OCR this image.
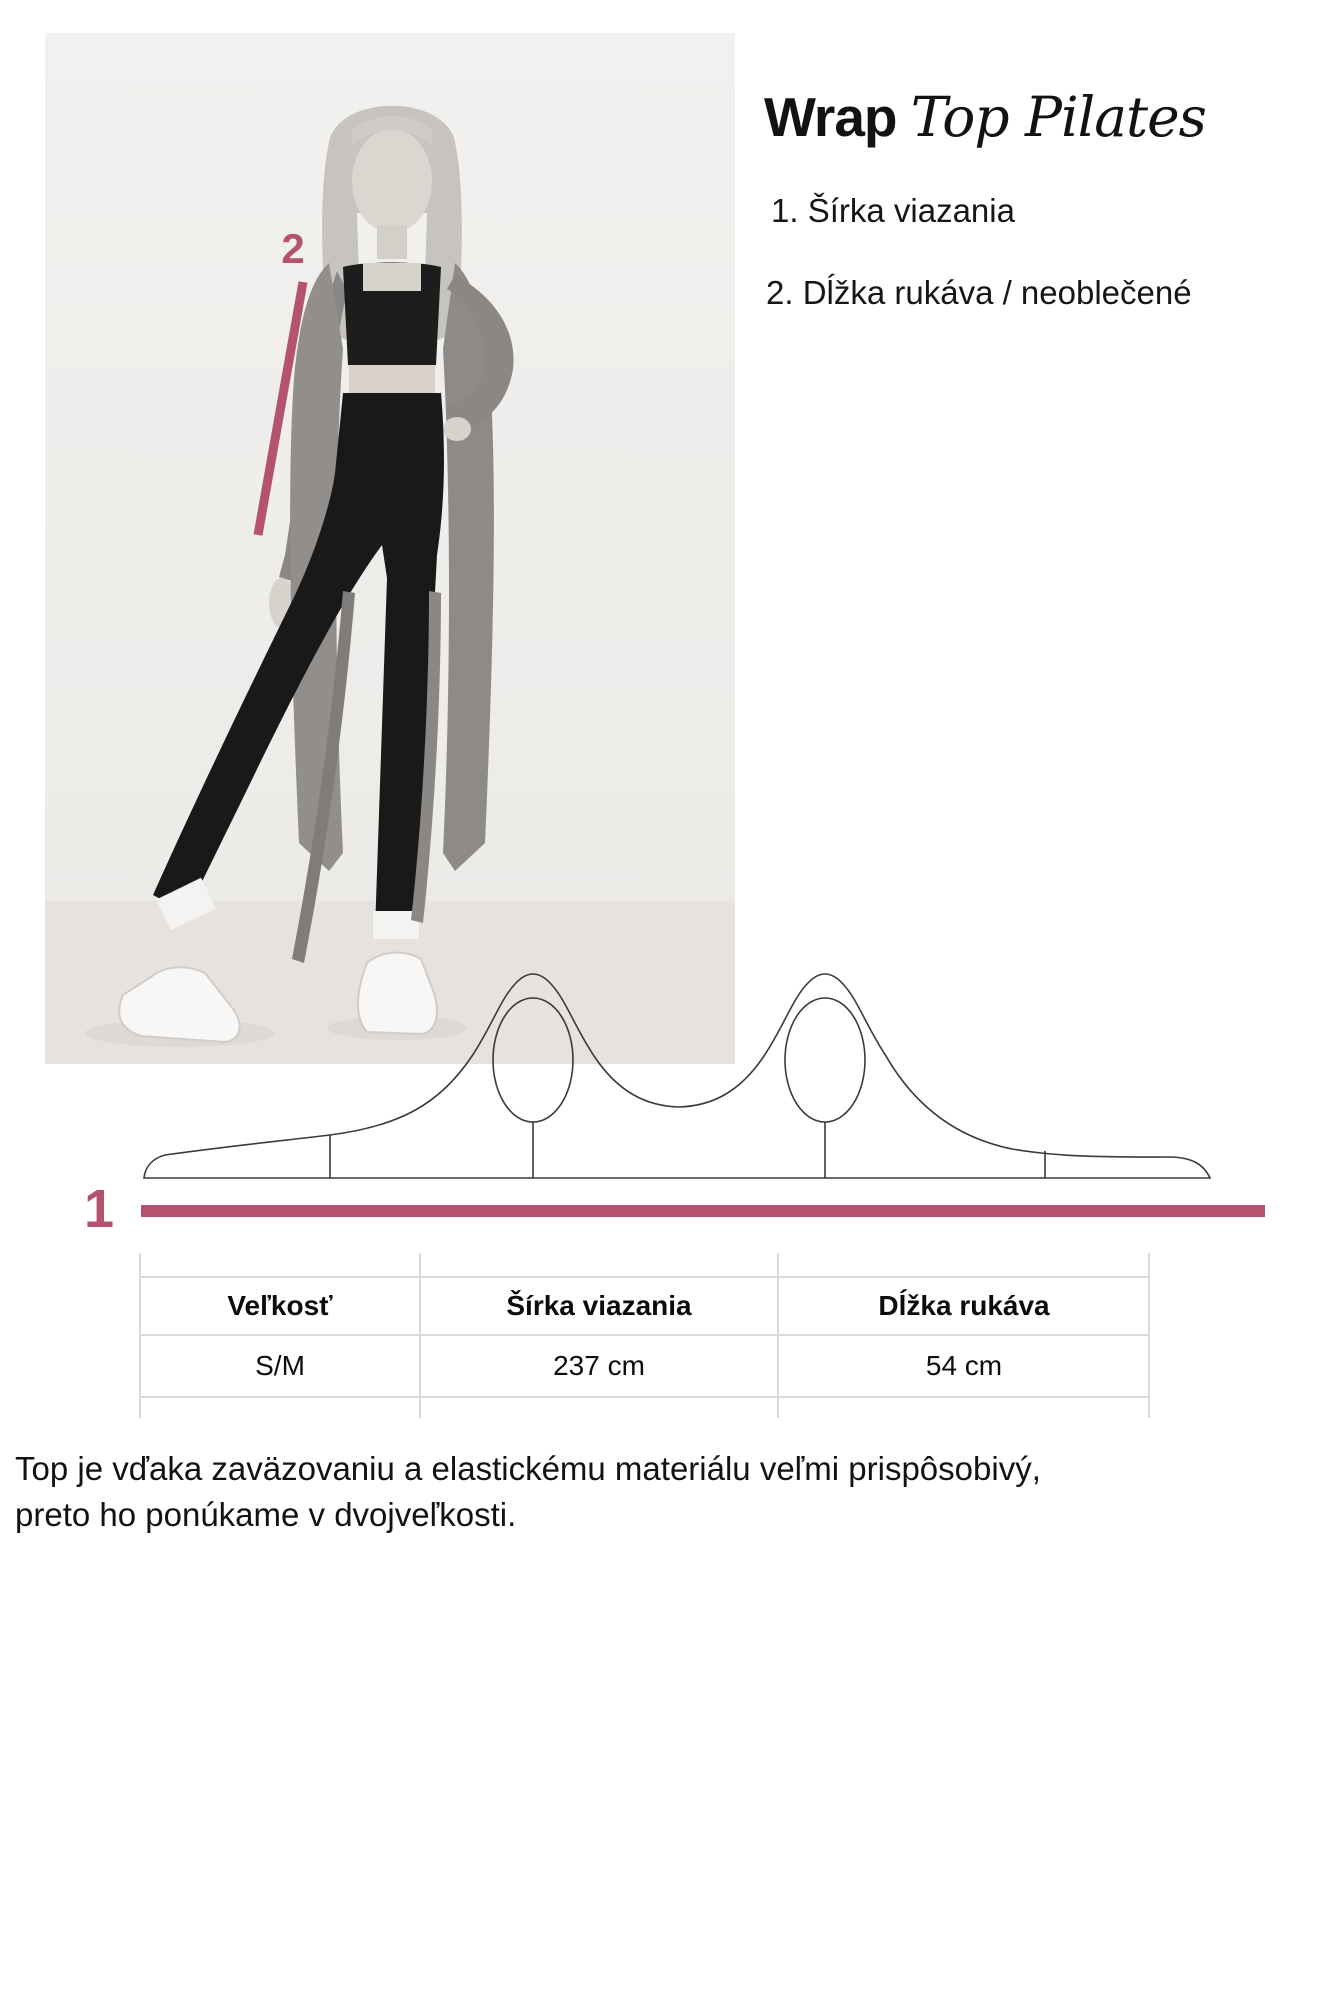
2
Wrap Top Pilates
1. Šírka viazania
2. Dĺžka rukáva / neoblečené
1
Veľkosť	Šírka viazania	Dĺžka rukáva
S/M	237 cm	54 cm
Top je vďaka zaväzovaniu a elastickému materiálu veľmi prispôsobivý,
preto ho ponúkame v dvojveľkosti.
